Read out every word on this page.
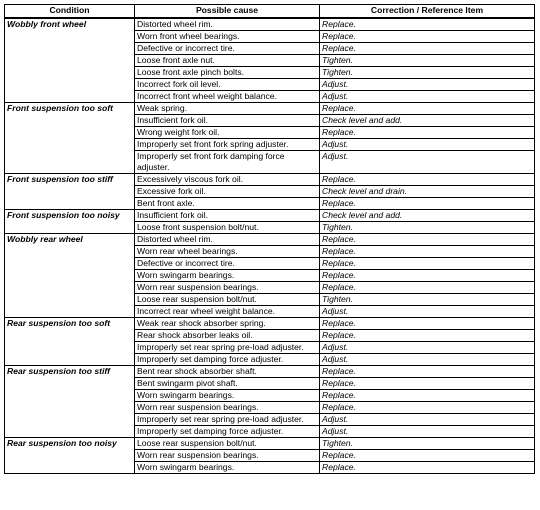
Condition	Possible cause	Correction / Reference Item
Wobbly front wheel	Distorted wheel rim.	Replace.
	Worn front wheel bearings.	Replace.
	Defective or incorrect tire.	Replace.
	Loose front axle nut.	Tighten.
	Loose front axle pinch bolts.	Tighten.
	Incorrect fork oil level.	Adjust.
	Incorrect front wheel weight balance.	Adjust.
Front suspension too soft	Weak spring.	Replace.
	Insufficient fork oil.	Check level and add.
	Wrong weight fork oil.	Replace.
	Improperly set front fork spring adjuster.	Adjust.
	Improperly set front fork damping force adjuster.	Adjust.
Front suspension too stiff	Excessively viscous fork oil.	Replace.
	Excessive fork oil.	Check level and drain.
	Bent front axle.	Replace.
Front suspension too noisy	Insufficient fork oil.	Check level and add.
	Loose front suspension bolt/nut.	Tighten.
Wobbly rear wheel	Distorted wheel rim.	Replace.
	Worn rear wheel bearings.	Replace.
	Defective or incorrect tire.	Replace.
	Worn swingarm bearings.	Replace.
	Worn rear suspension bearings.	Replace.
	Loose rear suspension bolt/nut.	Tighten.
	Incorrect rear wheel weight balance.	Adjust.
Rear suspension too soft	Weak rear shock absorber spring.	Replace.
	Rear shock absorber leaks oil.	Replace.
	Improperly set rear spring pre-load adjuster.	Adjust.
	Improperly set damping force adjuster.	Adjust.
Rear suspension too stiff	Bent rear shock absorber shaft.	Replace.
	Bent swingarm pivot shaft.	Replace.
	Worn swingarm bearings.	Replace.
	Worn rear suspension bearings.	Replace.
	Improperly set rear spring pre-load adjuster.	Adjust.
	Improperly set damping force adjuster.	Adjust.
Rear suspension too noisy	Loose rear suspension bolt/nut.	Tighten.
	Worn rear suspension bearings.	Replace.
	Worn swingarm bearings.	Replace.
